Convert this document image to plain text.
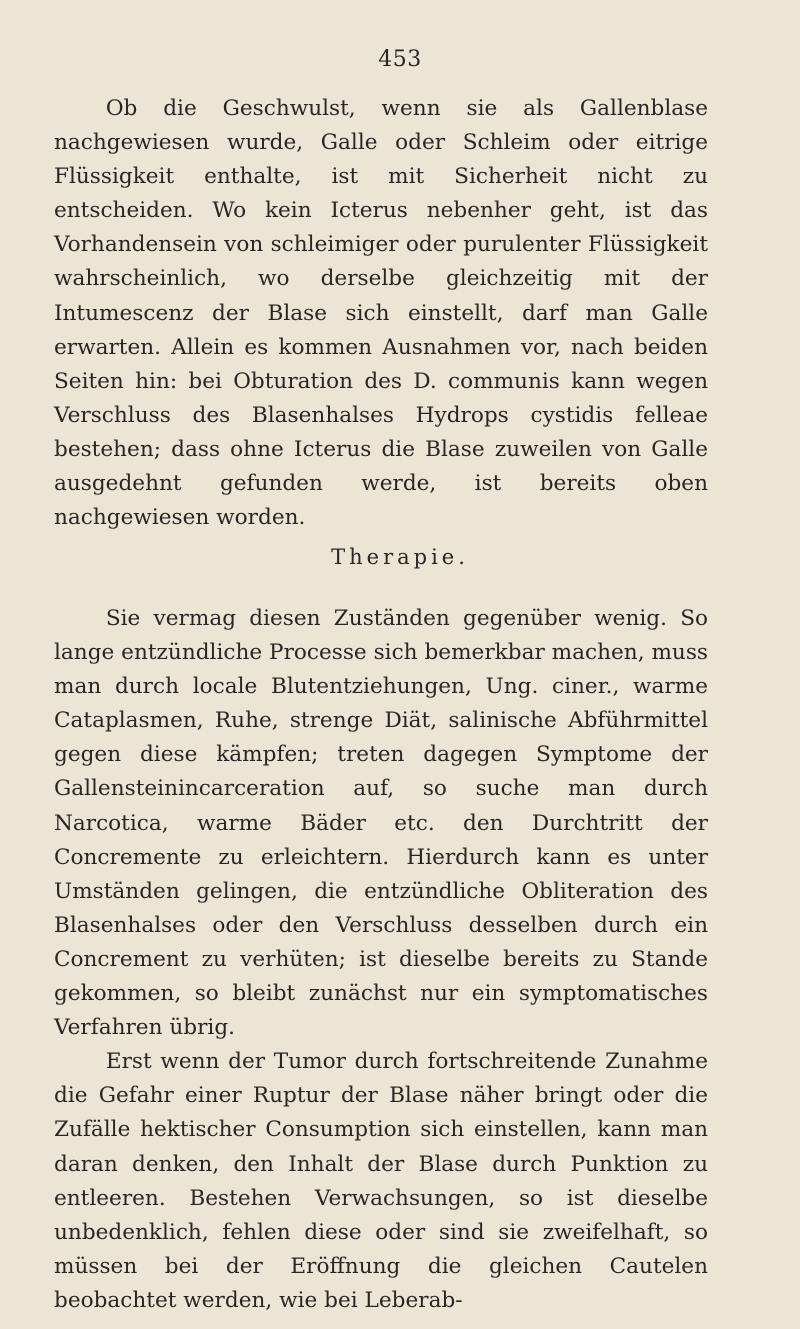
453

Ob die Geschwulst, wenn sie als Gallenblase nachgewiesen wurde, Galle oder Schleim oder eitrige Flüssigkeit enthalte, ist mit Sicherheit nicht zu entscheiden. Wo kein Icterus nebenher geht, ist das Vorhandensein von schleimiger oder purulenter Flüssigkeit wahrscheinlich, wo derselbe gleichzeitig mit der Intumescenz der Blase sich einstellt, darf man Galle erwarten. Allein es kommen Ausnahmen vor, nach beiden Seiten hin: bei Obturation des D. communis kann wegen Verschluss des Blasenhalses Hydrops cystidis felleae bestehen; dass ohne Icterus die Blase zuweilen von Galle ausgedehnt gefunden werde, ist bereits oben nachgewiesen worden.

Therapie.

Sie vermag diesen Zuständen gegenüber wenig. So lange entzündliche Processe sich bemerkbar machen, muss man durch locale Blutentziehungen, Ung. ciner., warme Cataplasmen, Ruhe, strenge Diät, salinische Abführmittel gegen diese kämpfen; treten dagegen Symptome der Gallensteinincarceration auf, so suche man durch Narcotica, warme Bäder etc. den Durchtritt der Concremente zu erleichtern. Hierdurch kann es unter Umständen gelingen, die entzündliche Obliteration des Blasenhalses oder den Verschluss desselben durch ein Concrement zu verhüten; ist dieselbe bereits zu Stande gekommen, so bleibt zunächst nur ein symptomatisches Verfahren übrig.

Erst wenn der Tumor durch fortschreitende Zunahme die Gefahr einer Ruptur der Blase näher bringt oder die Zufälle hektischer Consumption sich einstellen, kann man daran denken, den Inhalt der Blase durch Punktion zu entleeren. Bestehen Verwachsungen, so ist dieselbe unbedenklich, fehlen diese oder sind sie zweifelhaft, so müssen bei der Eröffnung die gleichen Cautelen beobachtet werden, wie bei Leberab-
